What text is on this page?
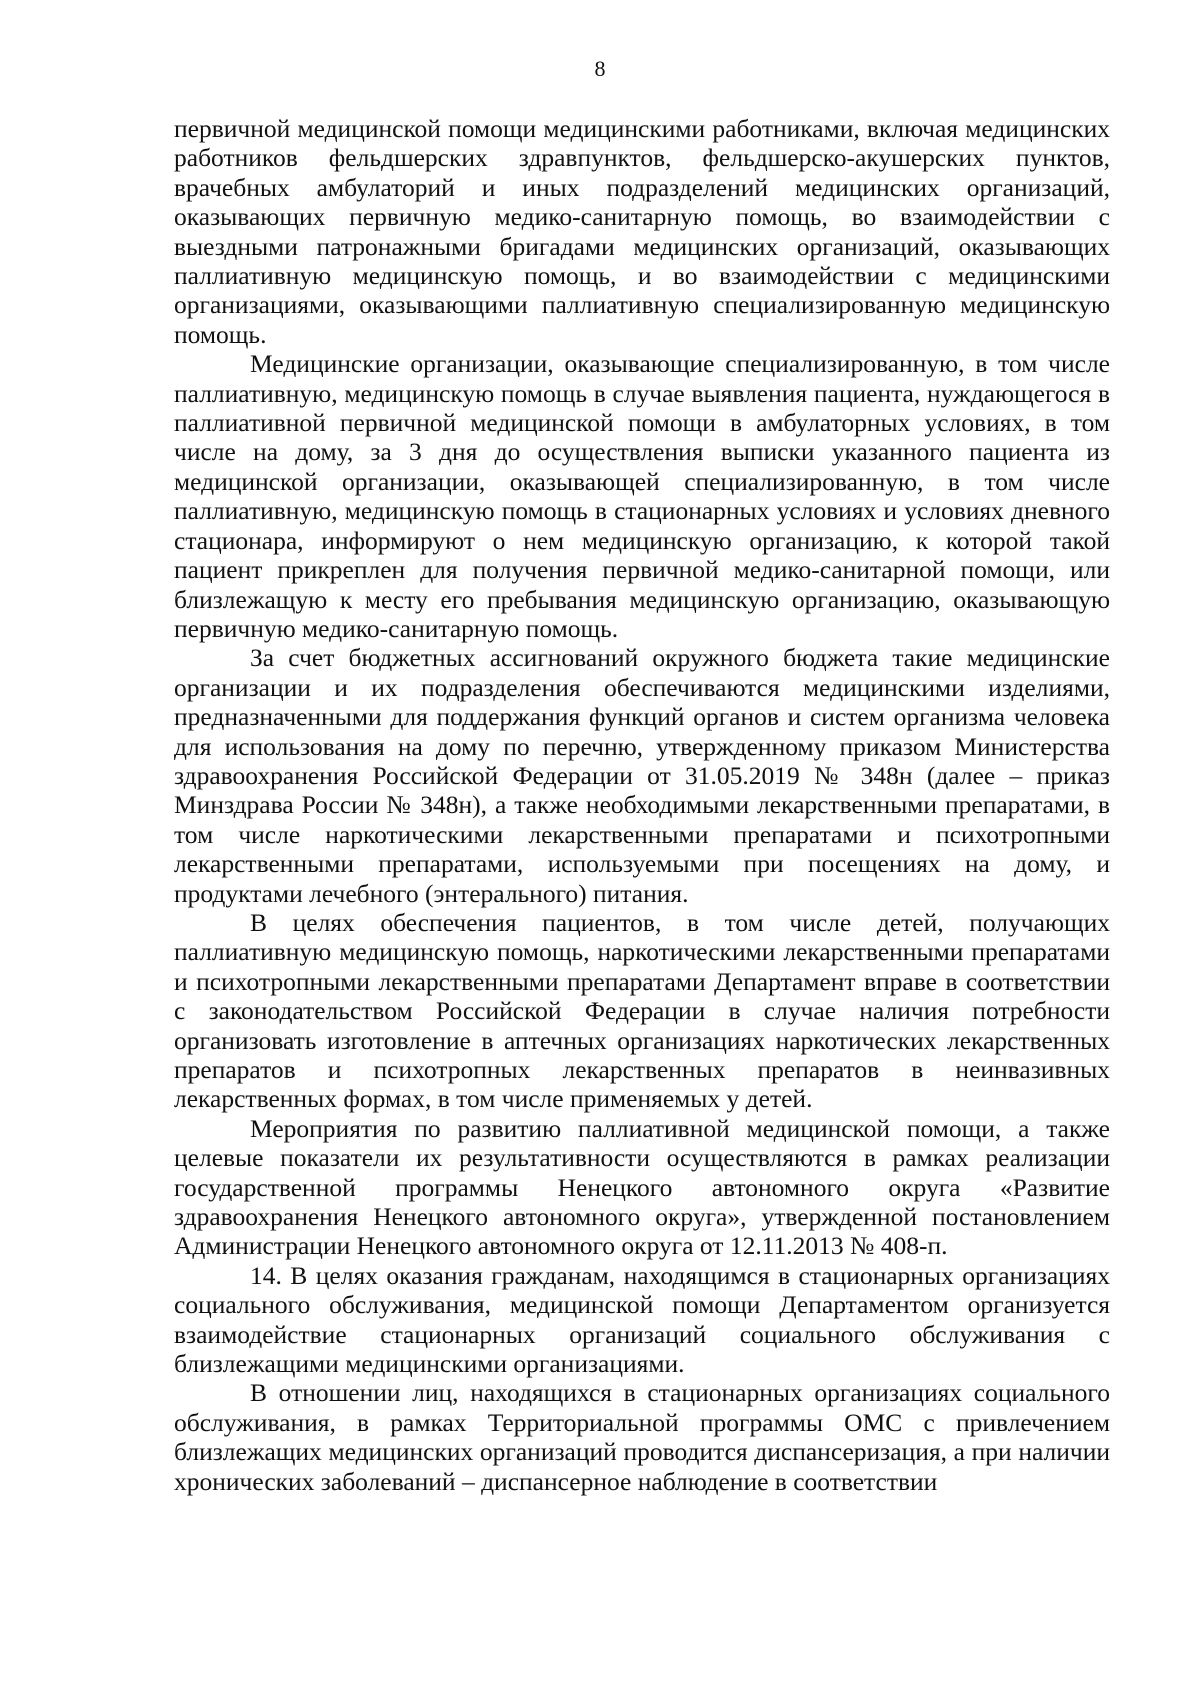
8

первичной медицинской помощи медицинскими работниками, включая медицинских работников фельдшерских здравпунктов, фельдшерско-акушерских пунктов, врачебных амбулаторий и иных подразделений медицинских организаций, оказывающих первичную медико-санитарную помощь, во взаимодействии с выездными патронажными бригадами медицинских организаций, оказывающих паллиативную медицинскую помощь, и во взаимодействии с медицинскими организациями, оказывающими паллиативную специализированную медицинскую помощь.

Медицинские организации, оказывающие специализированную, в том числе паллиативную, медицинскую помощь в случае выявления пациента, нуждающегося в паллиативной первичной медицинской помощи в амбулаторных условиях, в том числе на дому, за 3 дня до осуществления выписки указанного пациента из медицинской организации, оказывающей специализированную, в том числе паллиативную, медицинскую помощь в стационарных условиях и условиях дневного стационара, информируют о нем медицинскую организацию, к которой такой пациент прикреплен для получения первичной медико-санитарной помощи, или близлежащую к месту его пребывания медицинскую организацию, оказывающую первичную медико-санитарную помощь.

За счет бюджетных ассигнований окружного бюджета такие медицинские организации и их подразделения обеспечиваются медицинскими изделиями, предназначенными для поддержания функций органов и систем организма человека для использования на дому по перечню, утвержденному приказом Министерства здравоохранения Российской Федерации от 31.05.2019 № 348н (далее – приказ Минздрава России № 348н), а также необходимыми лекарственными препаратами, в том числе наркотическими лекарственными препаратами и психотропными лекарственными препаратами, используемыми при посещениях на дому, и продуктами лечебного (энтерального) питания.

В целях обеспечения пациентов, в том числе детей, получающих паллиативную медицинскую помощь, наркотическими лекарственными препаратами и психотропными лекарственными препаратами Департамент вправе в соответствии с законодательством Российской Федерации в случае наличия потребности организовать изготовление в аптечных организациях наркотических лекарственных препаратов и психотропных лекарственных препаратов в неинвазивных лекарственных формах, в том числе применяемых у детей.

Мероприятия по развитию паллиативной медицинской помощи, а также целевые показатели их результативности осуществляются в рамках реализации государственной программы Ненецкого автономного округа «Развитие здравоохранения Ненецкого автономного округа», утвержденной постановлением Администрации Ненецкого автономного округа от 12.11.2013 № 408-п.

14. В целях оказания гражданам, находящимся в стационарных организациях социального обслуживания, медицинской помощи Департаментом организуется взаимодействие стационарных организаций социального обслуживания с близлежащими медицинскими организациями.

В отношении лиц, находящихся в стационарных организациях социального обслуживания, в рамках Территориальной программы ОМС с привлечением близлежащих медицинских организаций проводится диспансеризация, а при наличии хронических заболеваний – диспансерное наблюдение в соответствии
